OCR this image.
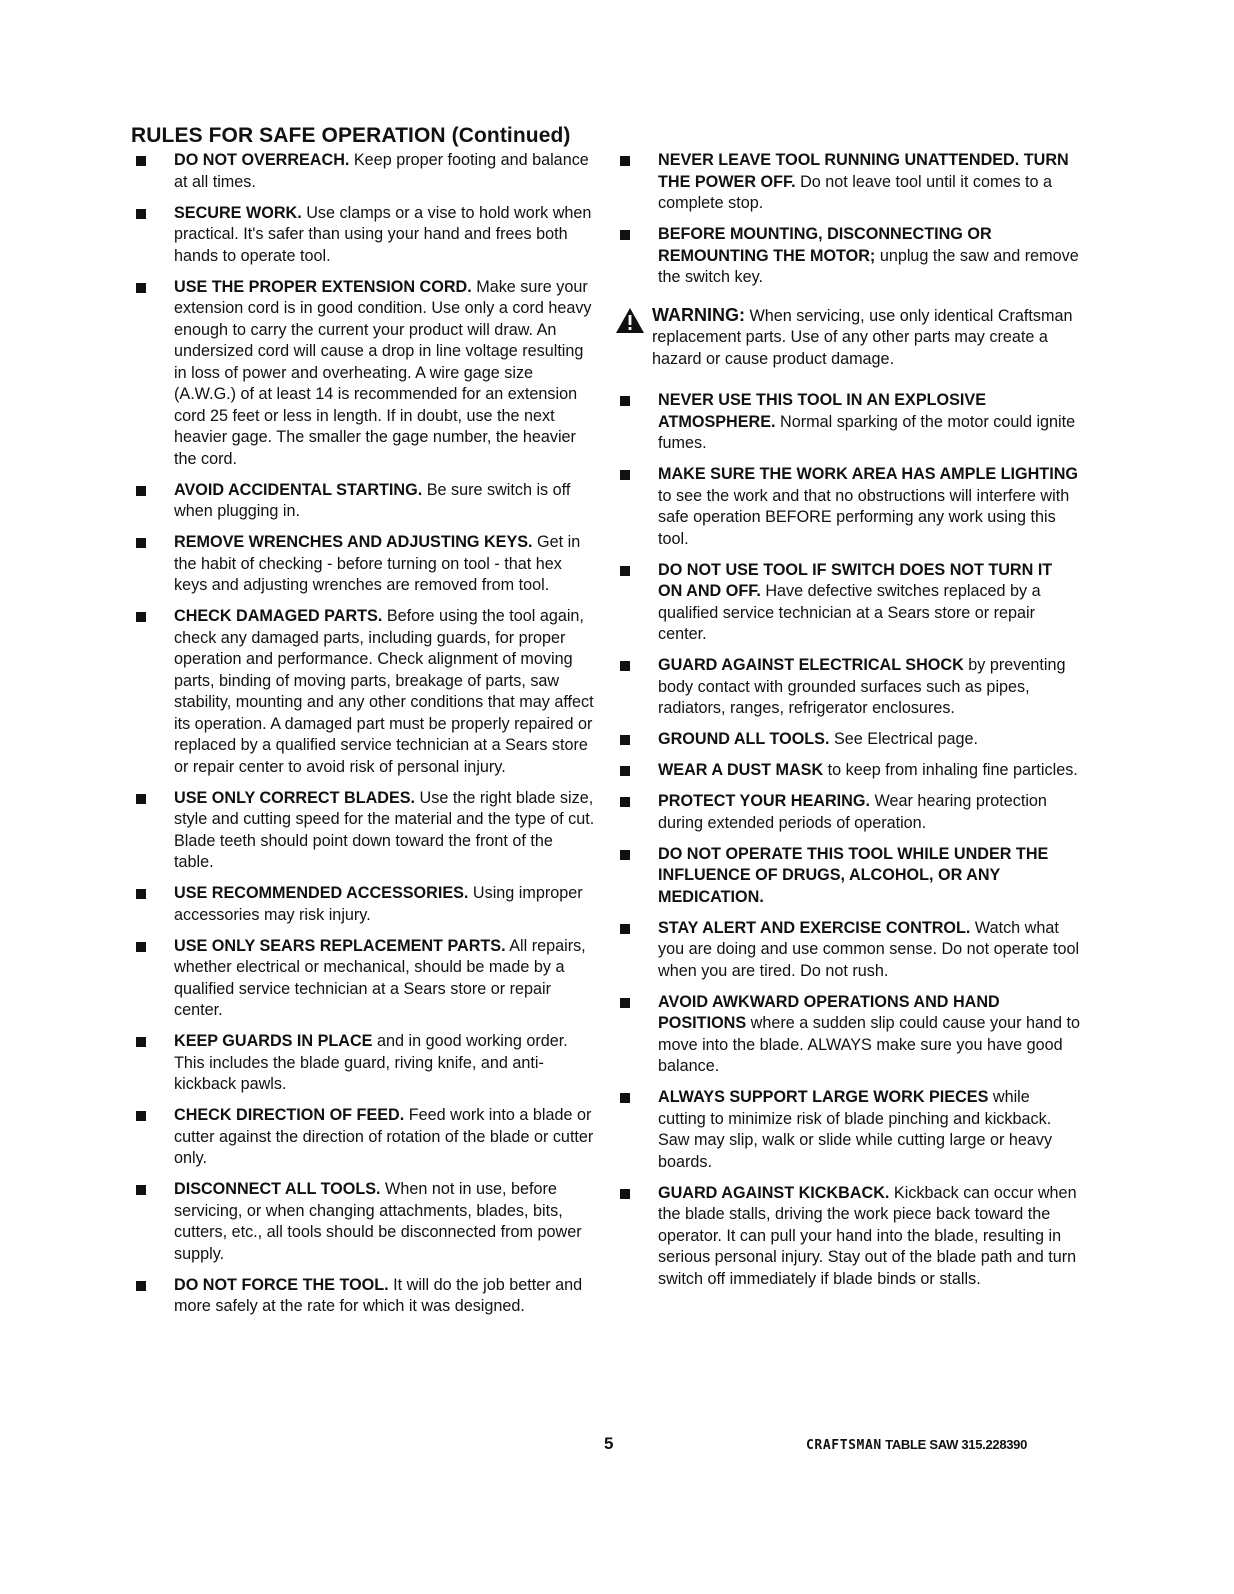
RULES FOR SAFE OPERATION (Continued)
DO NOT OVERREACH. Keep proper footing and balance at all times.
SECURE WORK. Use clamps or a vise to hold work when practical. It's safer than using your hand and frees both hands to operate tool.
USE THE PROPER EXTENSION CORD. Make sure your extension cord is in good condition. Use only a cord heavy enough to carry the current your product will draw. An undersized cord will cause a drop in line voltage resulting in loss of power and overheating. A wire gage size (A.W.G.) of at least 14 is recommended for an extension cord 25 feet or less in length. If in doubt, use the next heavier gage. The smaller the gage number, the heavier the cord.
AVOID ACCIDENTAL STARTING. Be sure switch is off when plugging in.
REMOVE WRENCHES AND ADJUSTING KEYS. Get in the habit of checking - before turning on tool - that hex keys and adjusting wrenches are removed from tool.
CHECK DAMAGED PARTS. Before using the tool again, check any damaged parts, including guards, for proper operation and performance. Check alignment of moving parts, binding of moving parts, breakage of parts, saw stability, mounting and any other conditions that may affect its operation. A damaged part must be properly repaired or replaced by a qualified service technician at a Sears store or repair center to avoid risk of personal injury.
USE ONLY CORRECT BLADES. Use the right blade size, style and cutting speed for the material and the type of cut. Blade teeth should point down toward the front of the table.
USE RECOMMENDED ACCESSORIES. Using improper accessories may risk injury.
USE ONLY SEARS REPLACEMENT PARTS. All repairs, whether electrical or mechanical, should be made by a qualified service technician at a Sears store or repair center.
KEEP GUARDS IN PLACE and in good working order. This includes the blade guard, riving knife, and anti-kickback pawls.
CHECK DIRECTION OF FEED. Feed work into a blade or cutter against the direction of rotation of the blade or cutter only.
DISCONNECT ALL TOOLS. When not in use, before servicing, or when changing attachments, blades, bits, cutters, etc., all tools should be disconnected from power supply.
DO NOT FORCE THE TOOL. It will do the job better and more safely at the rate for which it was designed.
NEVER LEAVE TOOL RUNNING UNATTENDED. TURN THE POWER OFF. Do not leave tool until it comes to a complete stop.
BEFORE MOUNTING, DISCONNECTING OR REMOUNTING THE MOTOR; unplug the saw and remove the switch key.
WARNING: When servicing, use only identical Craftsman replacement parts. Use of any other parts may create a hazard or cause product damage.
NEVER USE THIS TOOL IN AN EXPLOSIVE ATMOSPHERE. Normal sparking of the motor could ignite fumes.
MAKE SURE THE WORK AREA HAS AMPLE LIGHTING to see the work and that no obstructions will interfere with safe operation BEFORE performing any work using this tool.
DO NOT USE TOOL IF SWITCH DOES NOT TURN IT ON AND OFF. Have defective switches replaced by a qualified service technician at a Sears store or repair center.
GUARD AGAINST ELECTRICAL SHOCK by preventing body contact with grounded surfaces such as pipes, radiators, ranges, refrigerator enclosures.
GROUND ALL TOOLS. See Electrical page.
WEAR A DUST MASK to keep from inhaling fine particles.
PROTECT YOUR HEARING. Wear hearing protection during extended periods of operation.
DO NOT OPERATE THIS TOOL WHILE UNDER THE INFLUENCE OF DRUGS, ALCOHOL, OR ANY MEDICATION.
STAY ALERT AND EXERCISE CONTROL. Watch what you are doing and use common sense. Do not operate tool when you are tired. Do not rush.
AVOID AWKWARD OPERATIONS AND HAND POSITIONS where a sudden slip could cause your hand to move into the blade. ALWAYS make sure you have good balance.
ALWAYS SUPPORT LARGE WORK PIECES while cutting to minimize risk of blade pinching and kickback. Saw may slip, walk or slide while cutting large or heavy boards.
GUARD AGAINST KICKBACK. Kickback can occur when the blade stalls, driving the work piece back toward the operator. It can pull your hand into the blade, resulting in serious personal injury. Stay out of the blade path and turn switch off immediately if blade binds or stalls.
5	CRAFTSMAN TABLE SAW 315.228390
